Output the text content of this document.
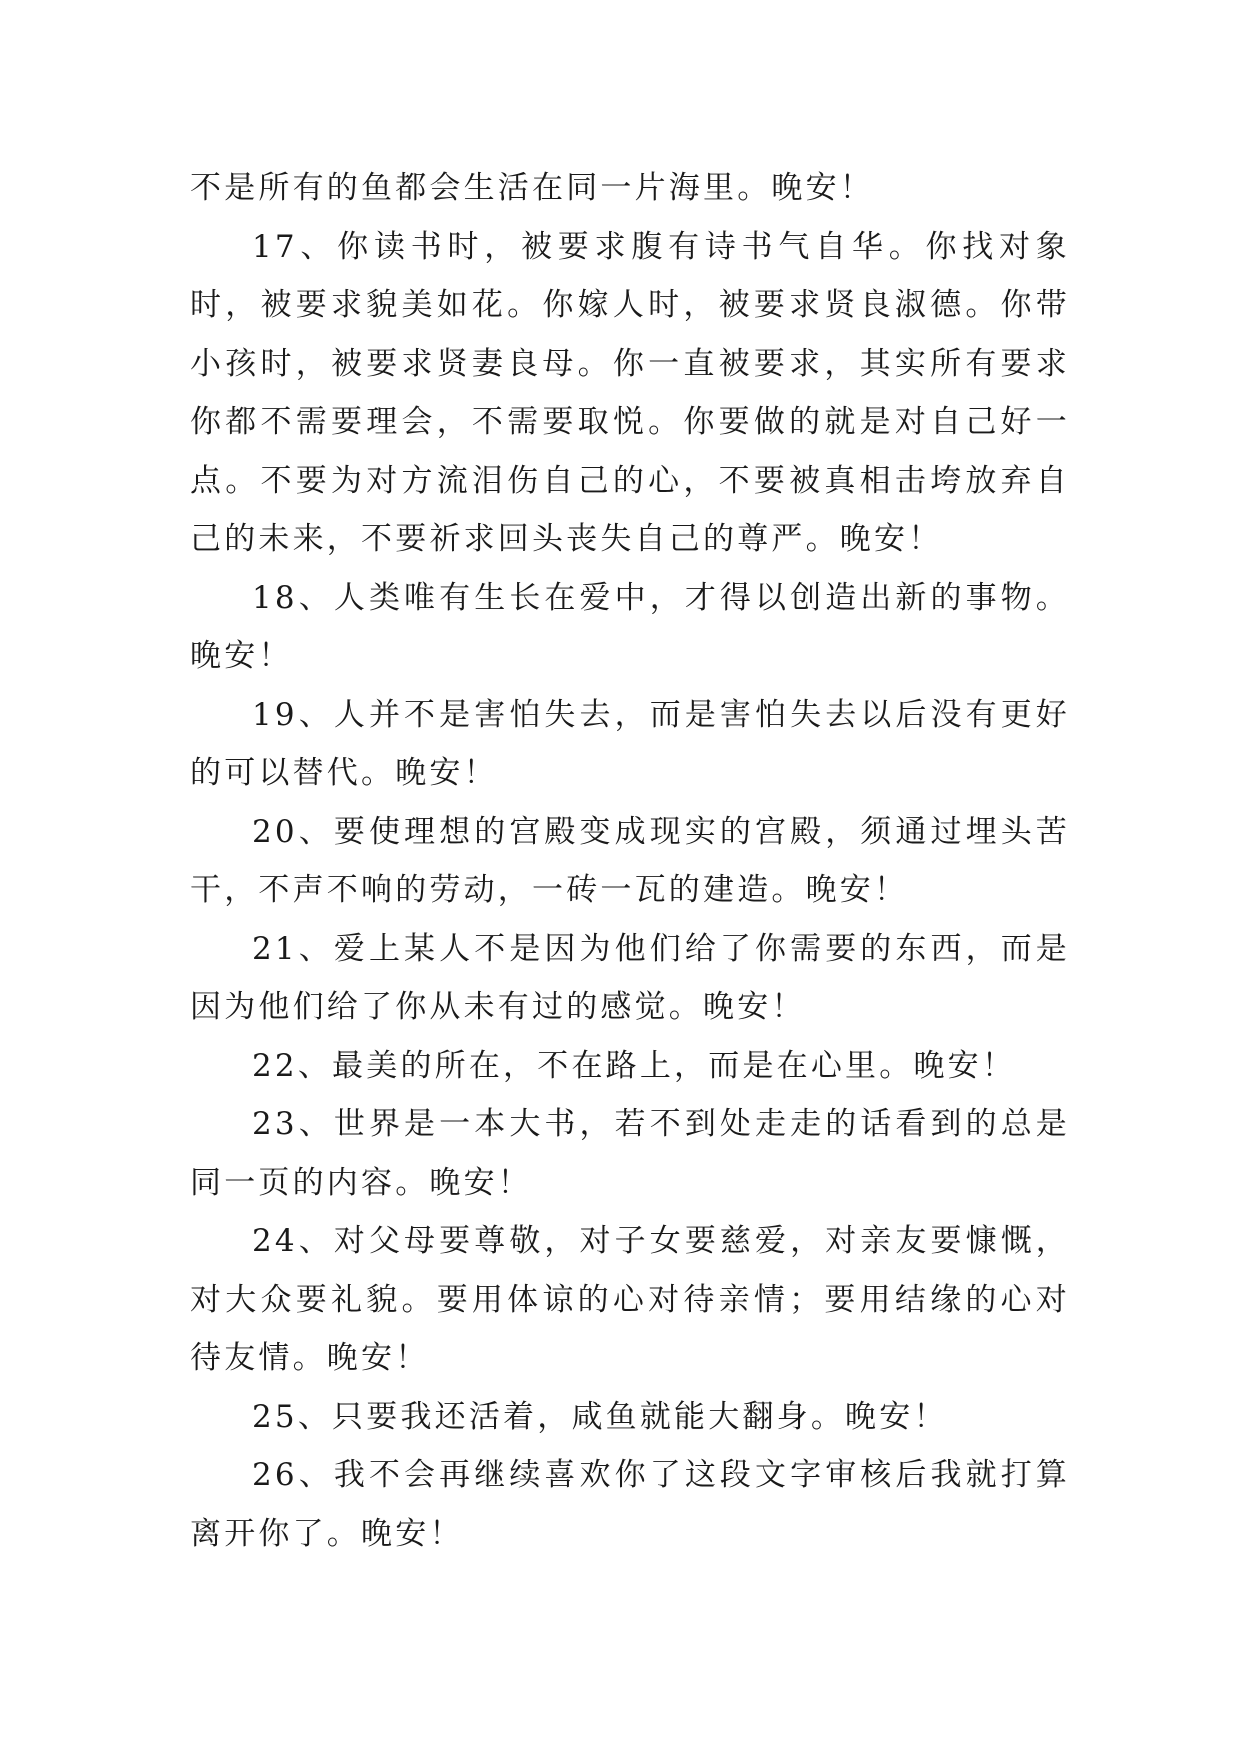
不是所有的鱼都会生活在同一片海里。晚安！

17、你读书时，被要求腹有诗书气自华。你找对象时，被要求貌美如花。你嫁人时，被要求贤良淑德。你带小孩时，被要求贤妻良母。你一直被要求，其实所有要求你都不需要理会，不需要取悦。你要做的就是对自己好一点。不要为对方流泪伤自己的心，不要被真相击垮放弃自己的未来，不要祈求回头丧失自己的尊严。晚安！

18、人类唯有生长在爱中，才得以创造出新的事物。晚安！

19、人并不是害怕失去，而是害怕失去以后没有更好的可以替代。晚安！

20、要使理想的宫殿变成现实的宫殿，须通过埋头苦干，不声不响的劳动，一砖一瓦的建造。晚安！

21、爱上某人不是因为他们给了你需要的东西，而是因为他们给了你从未有过的感觉。晚安！

22、最美的所在，不在路上，而是在心里。晚安！

23、世界是一本大书，若不到处走走的话看到的总是同一页的内容。晚安！

24、对父母要尊敬，对子女要慈爱，对亲友要慷慨，对大众要礼貌。要用体谅的心对待亲情；要用结缘的心对待友情。晚安！

25、只要我还活着，咸鱼就能大翻身。晚安！

26、我不会再继续喜欢你了这段文字审核后我就打算离开你了。晚安！
